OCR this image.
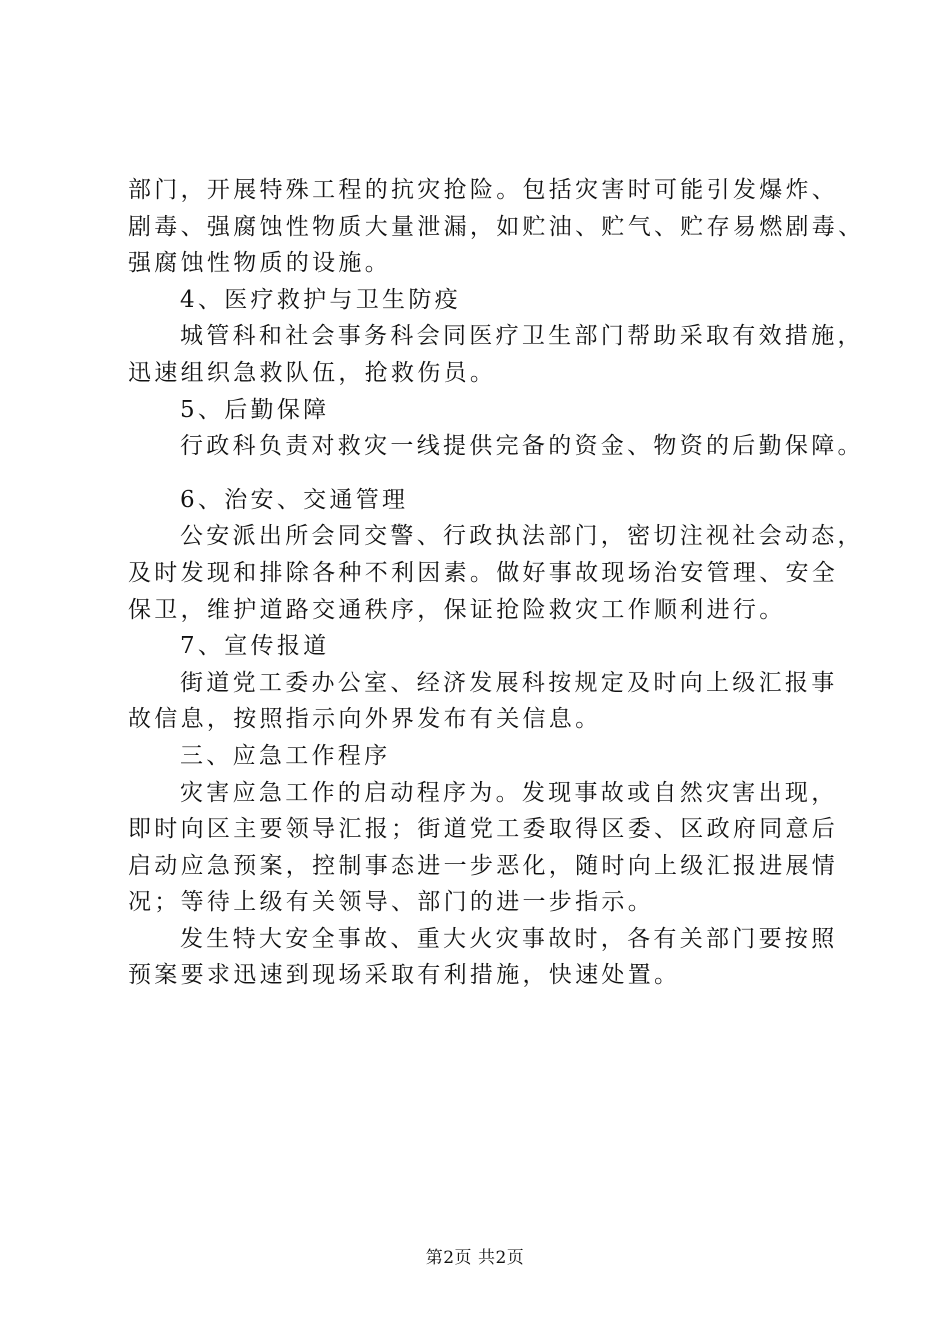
部门，开展特殊工程的抗灾抢险。包括灾害时可能引发爆炸、
剧毒、强腐蚀性物质大量泄漏，如贮油、贮气、贮存易燃剧毒、
强腐蚀性物质的设施。
4、医疗救护与卫生防疫
城管科和社会事务科会同医疗卫生部门帮助采取有效措施，
迅速组织急救队伍，抢救伤员。
5、后勤保障
行政科负责对救灾一线提供完备的资金、物资的后勤保障。
6、治安、交通管理
公安派出所会同交警、行政执法部门，密切注视社会动态，
及时发现和排除各种不利因素。做好事故现场治安管理、安全
保卫，维护道路交通秩序，保证抢险救灾工作顺利进行。
7、宣传报道
街道党工委办公室、经济发展科按规定及时向上级汇报事
故信息，按照指示向外界发布有关信息。
三、应急工作程序
灾害应急工作的启动程序为。发现事故或自然灾害出现，
即时向区主要领导汇报；街道党工委取得区委、区政府同意后
启动应急预案，控制事态进一步恶化，随时向上级汇报进展情
况；等待上级有关领导、部门的进一步指示。
发生特大安全事故、重大火灾事故时，各有关部门要按照
预案要求迅速到现场采取有利措施，快速处置。
第2页 共2页
